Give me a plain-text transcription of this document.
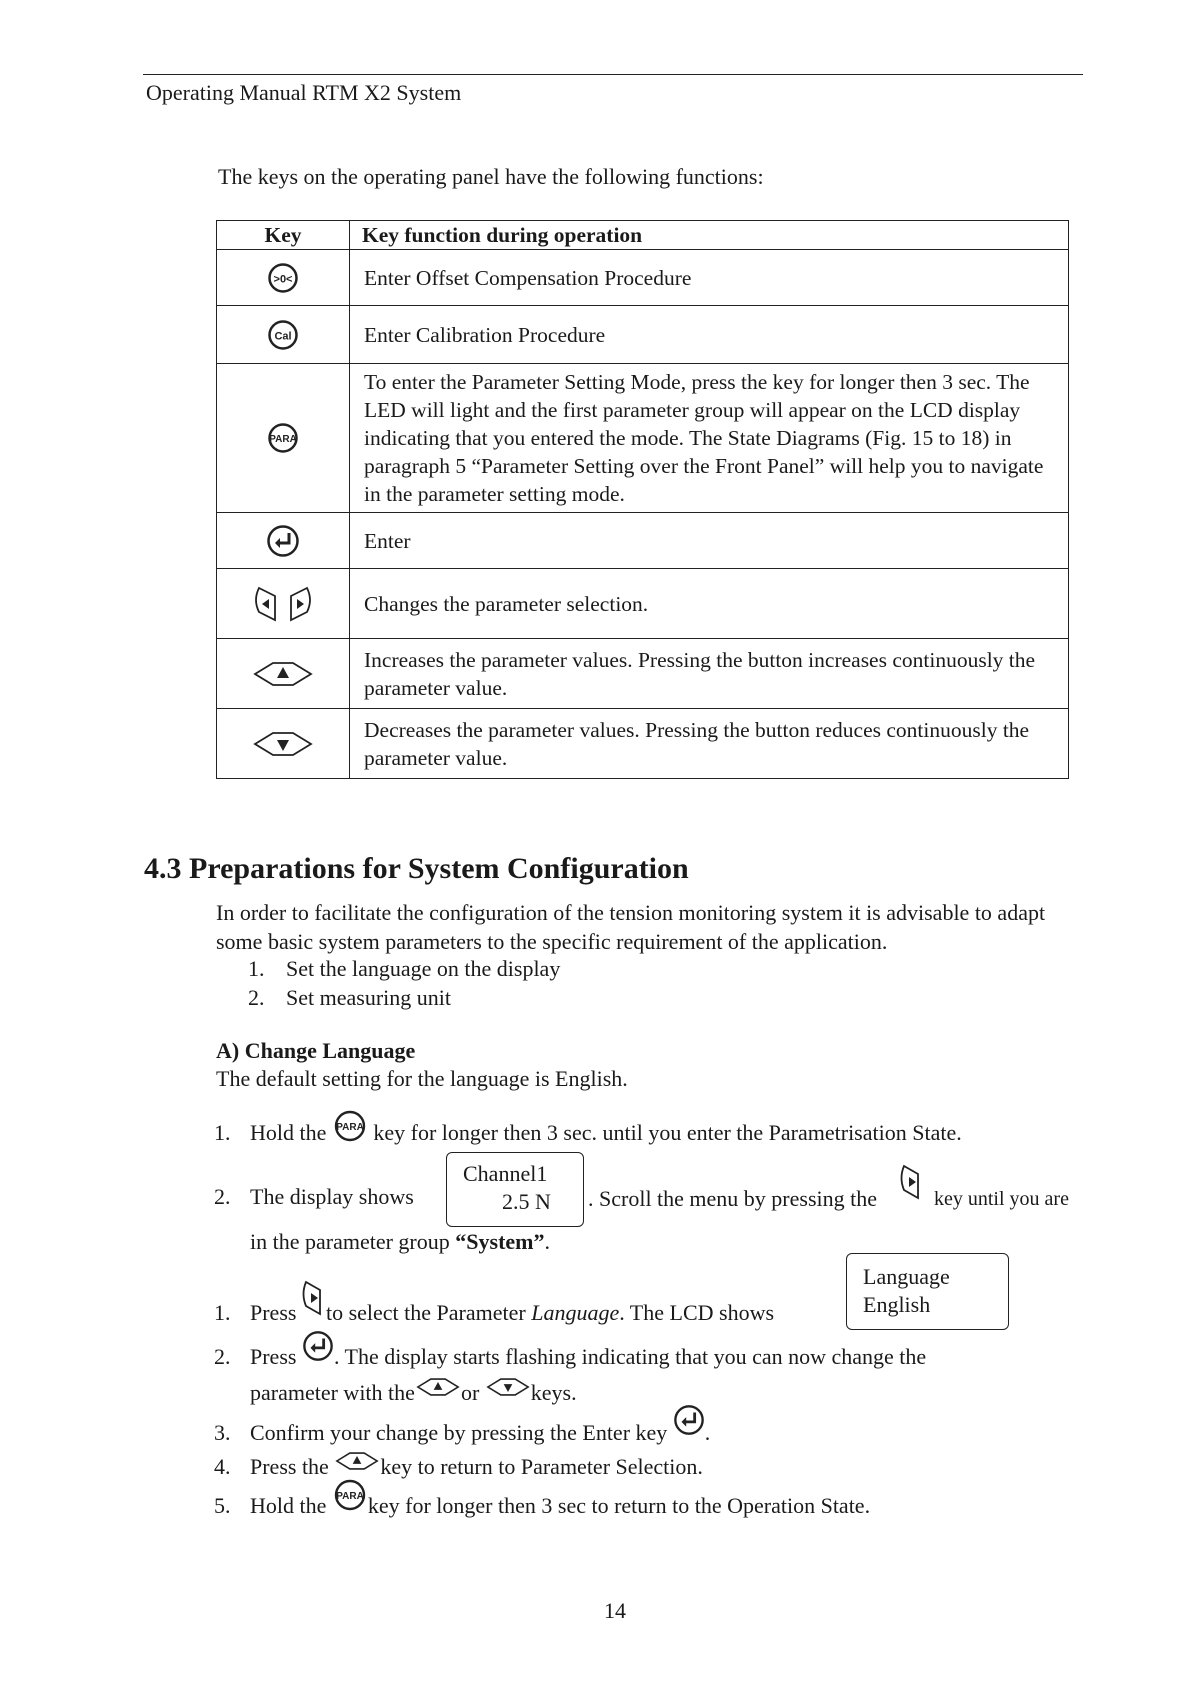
Operating Manual RTM X2 System
The keys on the operating panel have the following functions:
Key	Key function during operation

>0<	Enter Offset Compensation Procedure

Cal	Enter Calibration Procedure

PARA	To enter the Parameter Setting Mode, press the key for longer then 3 sec. The LED will light and the first parameter group will appear on the LCD display indicating that you entered the mode. The State Diagrams (Fig. 15 to 18) in paragraph 5 “Parameter Setting over the Front Panel” will help you to navigate in the parameter setting mode.
	Enter
	Changes the parameter selection.
	Increases the parameter values. Pressing the button increases continuously the parameter value.
	Decreases the parameter values. Pressing the button reduces continuously the parameter value.
4.3 Preparations for System Configuration
In order to facilitate the configuration of the tension monitoring system it is advisable to adapt some basic system parameters to the specific requirement of the application.
1. Set the language on the display
2. Set measuring unit
A) Change Language
The default setting for the language is English.
1. Hold the PARA key for longer then 3 sec. until you enter the Parametrisation State.
2. The display shows
Channel1
2.5 N . Scroll the menu by pressing the	key until you are
in the parameter group “System”.
1. Press to select the Parameter Language. The LCD shows
Language
English
2. Press . The display starts flashing indicating that you can now change the
parameter with the or keys.
3. Confirm your change by pressing the Enter key .
4. Press the key to return to Parameter Selection.
5. Hold the PARA key for longer then 3 sec to return to the Operation State.
14
